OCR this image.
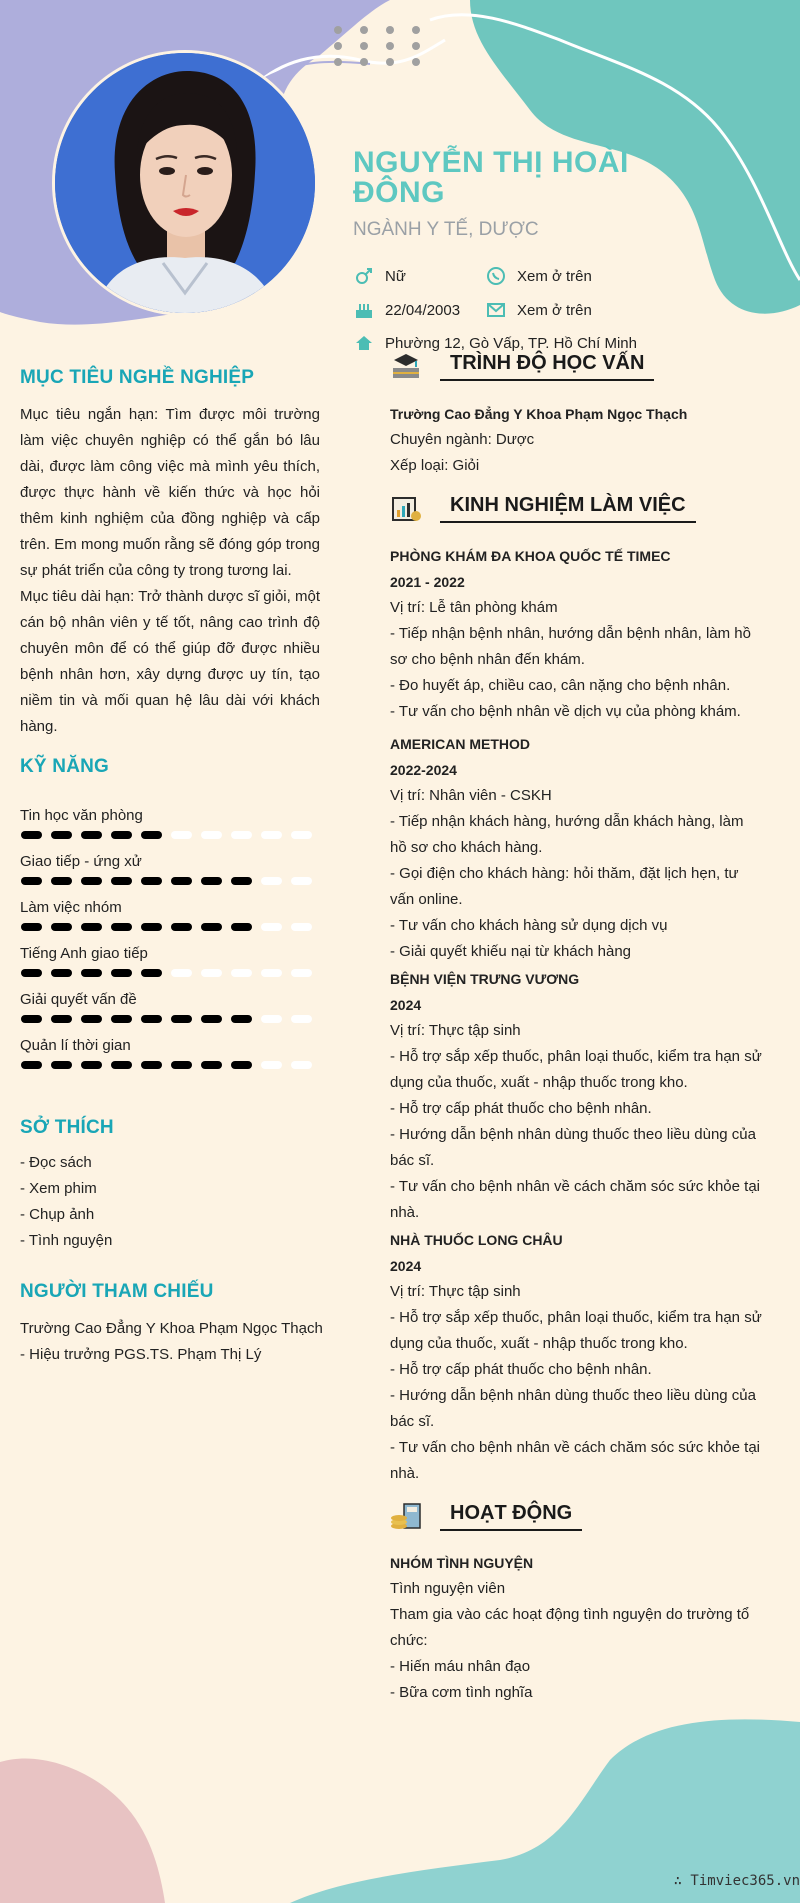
NGUYỄN THỊ HOÀI ĐÔNG
NGÀNH Y TẾ, DƯỢC
Nữ	Xem ở trên
22/04/2003	Xem ở trên
Phường 12, Gò Vấp, TP. Hồ Chí Minh
MỤC TIÊU NGHỀ NGHIỆP

Mục tiêu ngắn hạn: Tìm được môi trường làm việc chuyên nghiệp có thể gắn bó lâu dài, được làm công việc mà mình yêu thích, được thực hành về kiến thức và học hỏi thêm kinh nghiệm của đồng nghiệp và cấp trên. Em mong muốn rằng sẽ đóng góp trong sự phát triển của công ty trong tương lai.

Mục tiêu dài hạn: Trở thành dược sĩ giỏi, một cán bộ nhân viên y tế tốt, nâng cao trình độ chuyên môn để có thể giúp đỡ được nhiều bệnh nhân hơn, xây dựng được uy tín, tạo niềm tin và mối quan hệ lâu dài với khách hàng.

KỸ NĂNG
Tin học văn phòng
Giao tiếp - ứng xử
Làm việc nhóm
Tiếng Anh giao tiếp
Giải quyết vấn đề
Quản lí thời gian
SỞ THÍCH
- Đọc sách
- Xem phim
- Chụp ảnh
- Tình nguyện
NGƯỜI THAM CHIẾU
Trường Cao Đẳng Y Khoa Phạm Ngọc Thạch
- Hiệu trưởng PGS.TS. Phạm Thị Lý
TRÌNH ĐỘ HỌC VẤN
Trường Cao Đẳng Y Khoa Phạm Ngọc Thạch
Chuyên ngành: Dược
Xếp loại: Giỏi
KINH NGHIỆM LÀM VIỆC
PHÒNG KHÁM ĐA KHOA QUỐC TẾ TIMEC
2021 - 2022
Vị trí: Lễ tân phòng khám
- Tiếp nhận bệnh nhân, hướng dẫn bệnh nhân, làm hồ sơ cho bệnh nhân đến khám.
- Đo huyết áp, chiều cao, cân nặng cho bệnh nhân.
- Tư vấn cho bệnh nhân về dịch vụ của phòng khám.
AMERICAN METHOD
2022-2024
Vị trí: Nhân viên - CSKH
- Tiếp nhận khách hàng, hướng dẫn khách hàng, làm hồ sơ cho khách hàng.
- Gọi điện cho khách hàng: hỏi thăm, đặt lịch hẹn, tư vấn online.
- Tư vấn cho khách hàng sử dụng dịch vụ
- Giải quyết khiếu nại từ khách hàng
BỆNH VIỆN TRƯNG VƯƠNG
2024
Vị trí: Thực tập sinh
- Hỗ trợ sắp xếp thuốc, phân loại thuốc, kiểm tra hạn sử dụng của thuốc, xuất - nhập thuốc trong kho.
- Hỗ trợ cấp phát thuốc cho bệnh nhân.
- Hướng dẫn bệnh nhân dùng thuốc theo liều dùng của bác sĩ.
- Tư vấn cho bệnh nhân về cách chăm sóc sức khỏe tại nhà.
NHÀ THUỐC LONG CHÂU
2024
Vị trí: Thực tập sinh
- Hỗ trợ sắp xếp thuốc, phân loại thuốc, kiểm tra hạn sử dụng của thuốc, xuất - nhập thuốc trong kho.
- Hỗ trợ cấp phát thuốc cho bệnh nhân.
- Hướng dẫn bệnh nhân dùng thuốc theo liều dùng của bác sĩ.
- Tư vấn cho bệnh nhân về cách chăm sóc sức khỏe tại nhà.
HOẠT ĐỘNG
NHÓM TÌNH NGUYỆN
Tình nguyện viên
Tham gia vào các hoạt động tình nguyện do trường tổ chức:
- Hiến máu nhân đạo
- Bữa cơm tình nghĩa
∴ Timviec365.vn
